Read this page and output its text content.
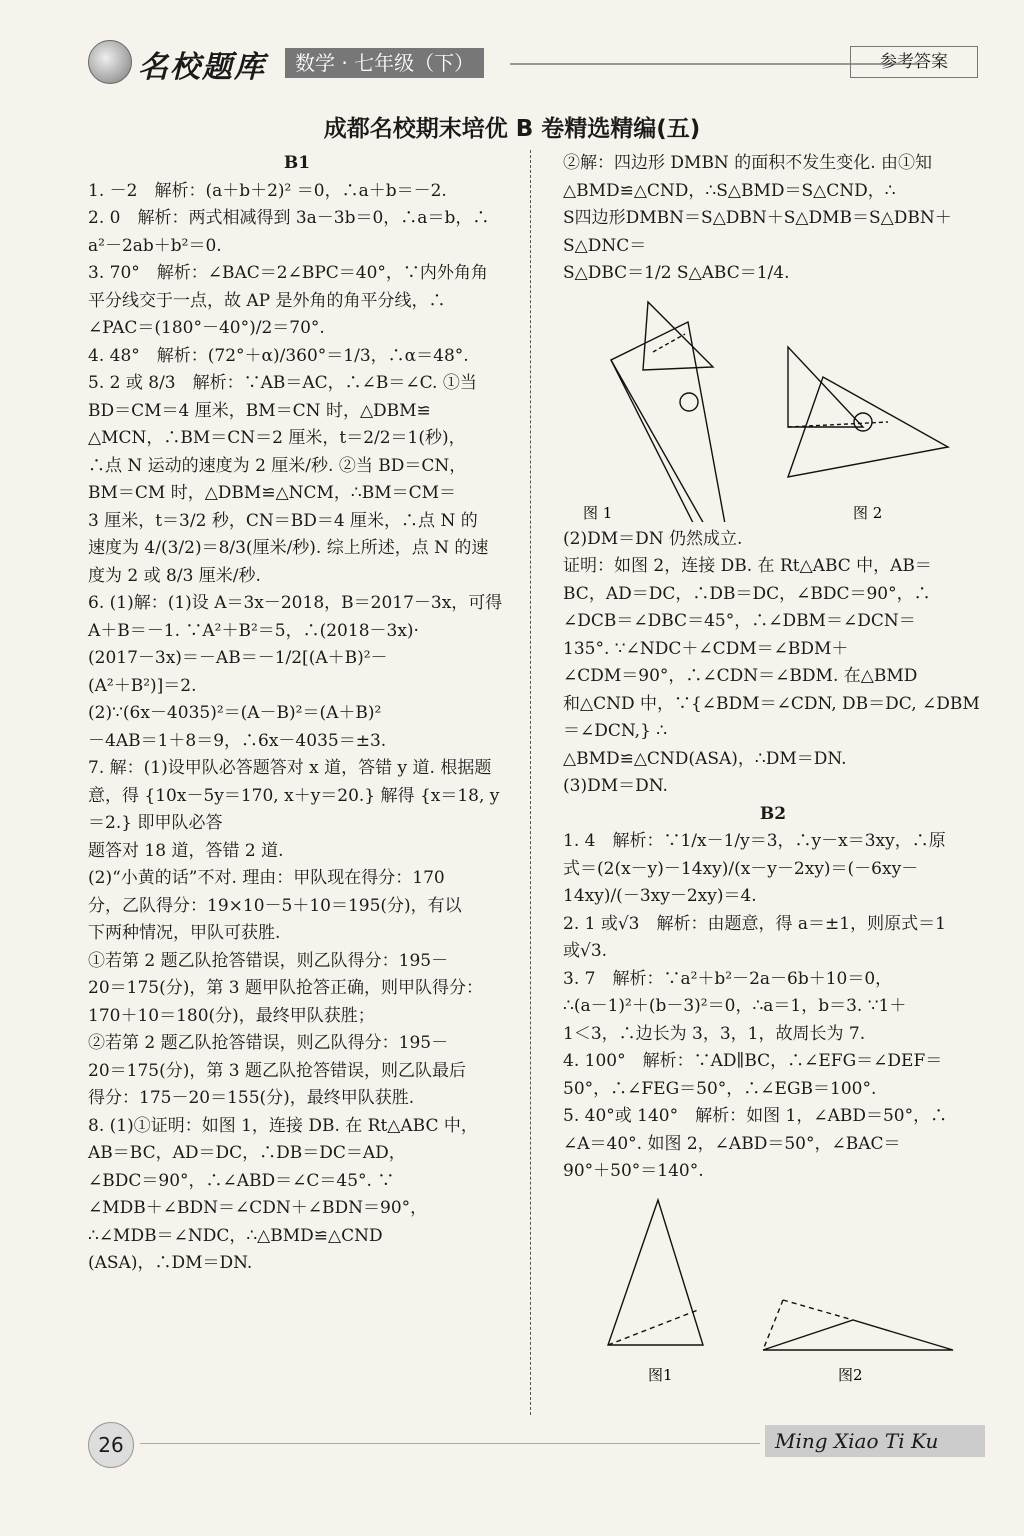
名校题库	数学 · 七年级（下）	参考答案
成都名校期末培优 B 卷精选精编(五)

B1

1. －2　解析：(a＋b＋2)² ＝0，∴a＋b＝－2.

2. 0　解析：两式相减得到 3a－3b＝0，∴a＝b，∴

a²－2ab＋b²＝0.

3. 70°　解析：∠BAC＝2∠BPC＝40°，∵内外角角

平分线交于一点，故 AP 是外角的角平分线，∴

∠PAC＝(180°－40°)/2＝70°.

4. 48°　解析：(72°＋α)/360°＝1/3，∴α＝48°.

5. 2 或 8/3　解析：∵AB＝AC，∴∠B＝∠C. ①当

BD＝CM＝4 厘米，BM＝CN 时，△DBM≌

△MCN，∴BM＝CN＝2 厘米，t＝2/2＝1(秒)，

∴点 N 运动的速度为 2 厘米/秒. ②当 BD＝CN，

BM＝CM 时，△DBM≌△NCM，∴BM＝CM＝

3 厘米，t＝3/2 秒，CN＝BD＝4 厘米，∴点 N 的

速度为 4/(3/2)＝8/3(厘米/秒). 综上所述，点 N 的速

度为 2 或 8/3 厘米/秒.

6. (1)解：(1)设 A＝3x－2018，B＝2017－3x，可得

A＋B＝－1. ∵A²＋B²＝5，∴(2018－3x)·

(2017－3x)＝－AB＝－1/2[(A＋B)²－

(A²＋B²)]＝2.

(2)∵(6x－4035)²＝(A－B)²＝(A＋B)²

－4AB＝1＋8＝9，∴6x－4035＝±3.

7. 解：(1)设甲队必答题答对 x 道，答错 y 道. 根据题

意，得 {10x－5y＝170, x＋y＝20.} 解得 {x＝18, y＝2.} 即甲队必答

题答对 18 道，答错 2 道.

(2)“小黄的话”不对. 理由：甲队现在得分：170

分，乙队得分：19×10－5＋10＝195(分)，有以

下两种情况，甲队可获胜.

①若第 2 题乙队抢答错误，则乙队得分：195－

20＝175(分)，第 3 题甲队抢答正确，则甲队得分：

170＋10＝180(分)，最终甲队获胜；

②若第 2 题乙队抢答错误，则乙队得分：195－

20＝175(分)，第 3 题乙队抢答错误，则乙队最后

得分：175－20＝155(分)，最终甲队获胜.

8. (1)①证明：如图 1，连接 DB. 在 Rt△ABC 中，

AB＝BC，AD＝DC，∴DB＝DC＝AD，

∠BDC＝90°，∴∠ABD＝∠C＝45°. ∵

∠MDB＋∠BDN＝∠CDN＋∠BDN＝90°，

∴∠MDB＝∠NDC，∴△BMD≌△CND

(ASA)，∴DM＝DN.

②解：四边形 DMBN 的面积不发生变化. 由①知

△BMD≌△CND，∴S△BMD＝S△CND，∴

S四边形DMBN＝S△DBN＋S△DMB＝S△DBN＋S△DNC＝

S△DBC＝1/2 S△ABC＝1/4.

图 1	图 2

(2)DM＝DN 仍然成立.

证明：如图 2，连接 DB. 在 Rt△ABC 中，AB＝

BC，AD＝DC，∴DB＝DC，∠BDC＝90°，∴

∠DCB＝∠DBC＝45°，∴∠DBM＝∠DCN＝

135°. ∵∠NDC＋∠CDM＝∠BDM＋

∠CDM＝90°，∴∠CDN＝∠BDM. 在△BMD

和△CND 中，∵{∠BDM＝∠CDN, DB＝DC, ∠DBM＝∠DCN,} ∴

△BMD≌△CND(ASA)，∴DM＝DN.

(3)DM＝DN.

B2

1. 4　解析：∵1/x－1/y＝3，∴y－x＝3xy，∴原

式＝(2(x－y)－14xy)/(x－y－2xy)＝(－6xy－14xy)/(－3xy－2xy)＝4.

2. 1 或√3　解析：由题意，得 a＝±1，则原式＝1

或√3.

3. 7　解析：∵a²＋b²－2a－6b＋10＝0，

∴(a－1)²＋(b－3)²＝0，∴a＝1，b＝3. ∵1＋

1＜3，∴边长为 3，3，1，故周长为 7.

4. 100°　解析：∵AD∥BC，∴∠EFG＝∠DEF＝

50°，∴∠FEG＝50°，∴∠EGB＝100°.

5. 40°或 140°　解析：如图 1，∠ABD＝50°，∴

∠A＝40°. 如图 2，∠ABD＝50°，∠BAC＝

90°＋50°＝140°.

图1	图2
26	Ming Xiao Ti Ku
